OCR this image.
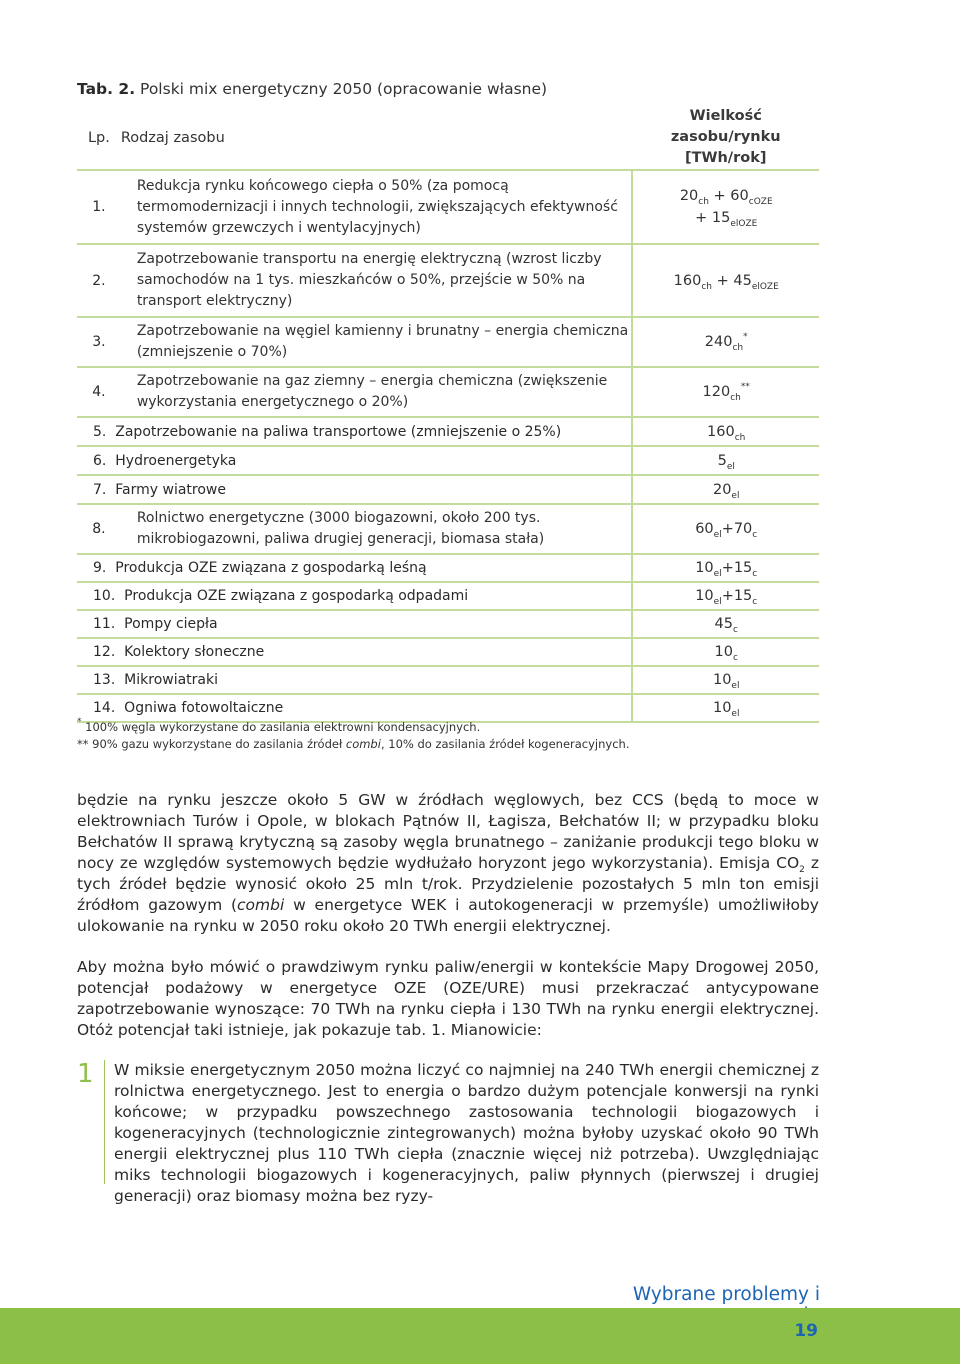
Tab. 2. Polski mix energetyczny 2050 (opracowanie własne)
Lp.	Rodzaj zasobu	Wielkość zasobu/rynku
[TWh/rok]
1.	Redukcja rynku końcowego ciepła o 50% (za pomocą termomodernizacji i innych technologii, zwiększających efektywność systemów grzewczych i wentylacyjnych)	$20_{ch} + 60_{cOZE}$
+ $15_{elOZE}$
2.	Zapotrzebowanie transportu na energię elektryczną (wzrost liczby samochodów na 1 tys. mieszkańców o 50%, przejście w 50% na transport elektryczny)	$160_{ch} + 45_{elOZE}$
3.	Zapotrzebowanie na węgiel kamienny i brunatny – energia chemiczna (zmniejszenie o 70%)	$240_{ch}^*$
4.	Zapotrzebowanie na gaz ziemny – energia chemiczna (zwiększenie wykorzystania energetycznego o 20%)	$120_{ch}^{**}$
5. Zapotrzebowanie na paliwa transportowe (zmniejszenie o 25%)		$160_{ch}$
6. Hydroenergetyka		$5_{el}$
7. Farmy wiatrowe		$20_{el}$
8.	Rolnictwo energetyczne (3000 biogazowni, około 200 tys. mikrobiogazowni, paliwa drugiej generacji, biomasa stała)	$60_{el}+70_c$
9. Produkcja OZE związana z gospodarką leśną		$10_{el}+15_c$
10. Produkcja OZE związana z gospodarką odpadami		$10_{el}+15_c$
11. Pompy ciepła		$45_c$
12. Kolektory słoneczne		$10_c$
13. Mikrowiatraki		$10_{el}$
14. Ogniwa fotowoltaiczne		$10_{el}$
* 100% węgla wykorzystane do zasilania elektrowni kondensacyjnych.
** 90% gazu wykorzystane do zasilania źródeł combi, 10% do zasilania źródeł kogeneracyjnych.
będzie na rynku jeszcze około 5 GW w źródłach węglowych, bez CCS (będą to moce w elektrowniach Turów i Opole, w blokach Pątnów II, Łagisza, Bełchatów II; w przypadku bloku Bełchatów II sprawą krytyczną są zasoby węgla brunatnego – zaniżanie produkcji tego bloku w nocy ze względów systemowych będzie wydłużało horyzont jego wykorzystania). Emisja $CO_2$ z tych źródeł będzie wynosić około 25 mln t/rok. Przydzielenie pozostałych 5 mln ton emisji źródłom gazowym (combi w energetyce WEK i autokogeneracji w przemyśle) umożliwiłoby ulokowanie na rynku w 2050 roku około 20 TWh energii elektrycznej.
Aby można było mówić o prawdziwym rynku paliw/energii w kontekście Mapy Drogowej 2050, potencjał podażowy w energetyce OZE (OZE/URE) musi przekraczać antycypowane zapotrzebowanie wynoszące: 70 TWh na rynku ciepła i 130 TWh na rynku energii elektrycznej. Otóż potencjał taki istnieje, jak pokazuje tab. 1. Mianowicie:
1 W miksie energetycznym 2050 można liczyć co najmniej na 240 TWh energii chemicznej z rolnictwa energetycznego. Jest to energia o bardzo dużym potencjale konwersji na rynki końcowe; w przypadku powszechnego zastosowania technologii biogazowych i kogeneracyjnych (technologicznie zintegrowanych) można byłoby uzyskać około 90 TWh energii elektrycznej plus 110 TWh ciepła (znacznie więcej niż potrzeba). Uwzględniając miks technologii biogazowych i kogeneracyjnych, paliw płynnych (pierwszej i drugiej generacji) oraz biomasy można bez ryzy-
Wybrane problemy i
19
